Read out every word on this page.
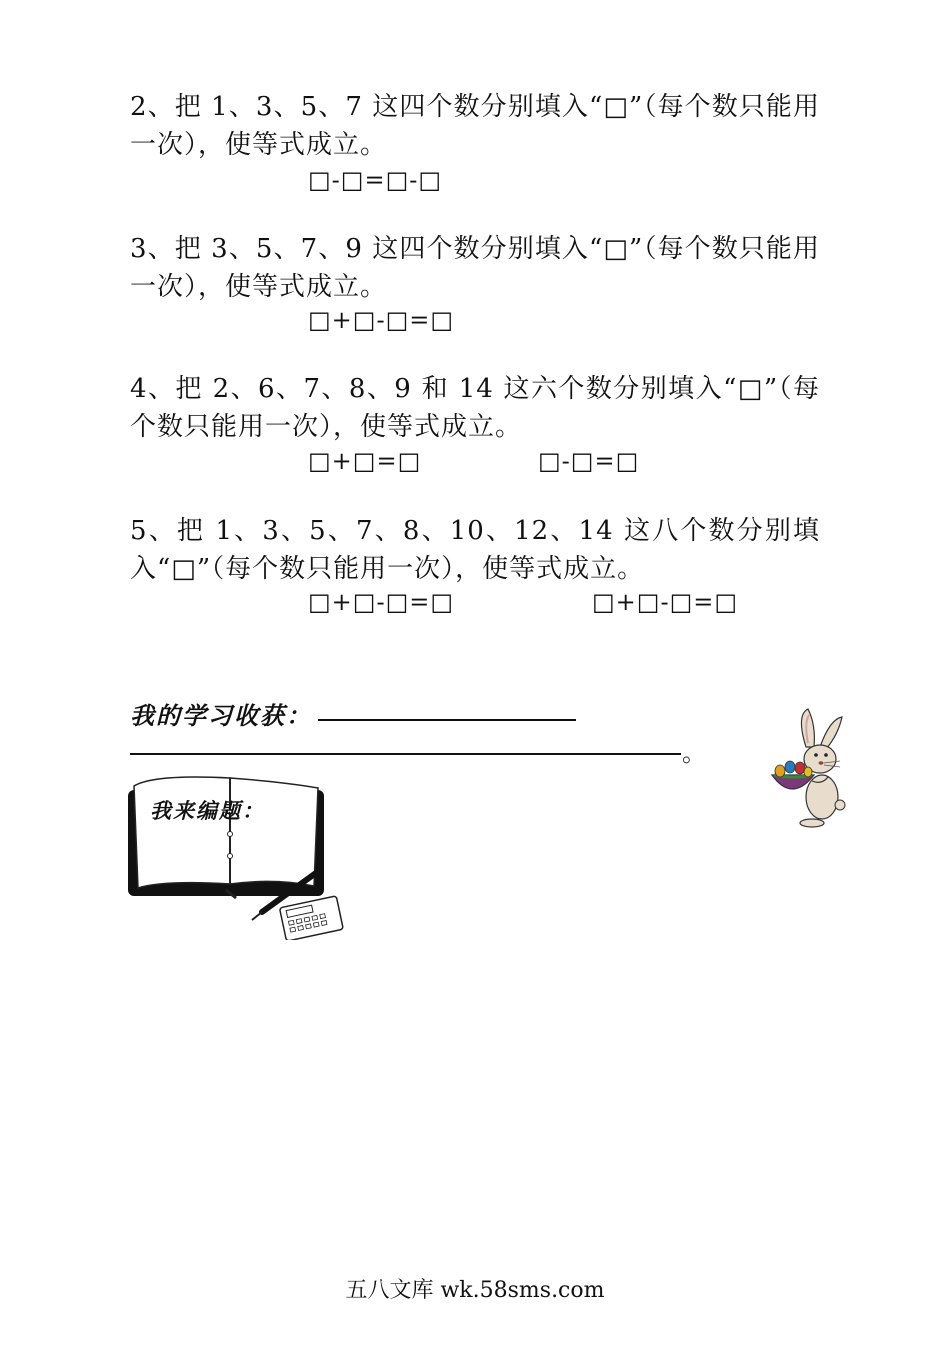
2、把 1、3、5、7 这四个数分别填入“□”（每个数只能用一次），使等式成立。
□-□=□-□
3、把 3、5、7、9 这四个数分别填入“□”（每个数只能用一次），使等式成立。
□+□-□=□
4、把 2、6、7、8、9 和 14 这六个数分别填入“□”（每个数只能用一次），使等式成立。
□+□=□	□-□=□
5、把 1、3、5、7、8、10、12、14 这八个数分别填入“□”（每个数只能用一次），使等式成立。
□+□-□=□	□+□-□=□
我的学习收获：
。
我来编题：
五八文库 wk.58sms.com
